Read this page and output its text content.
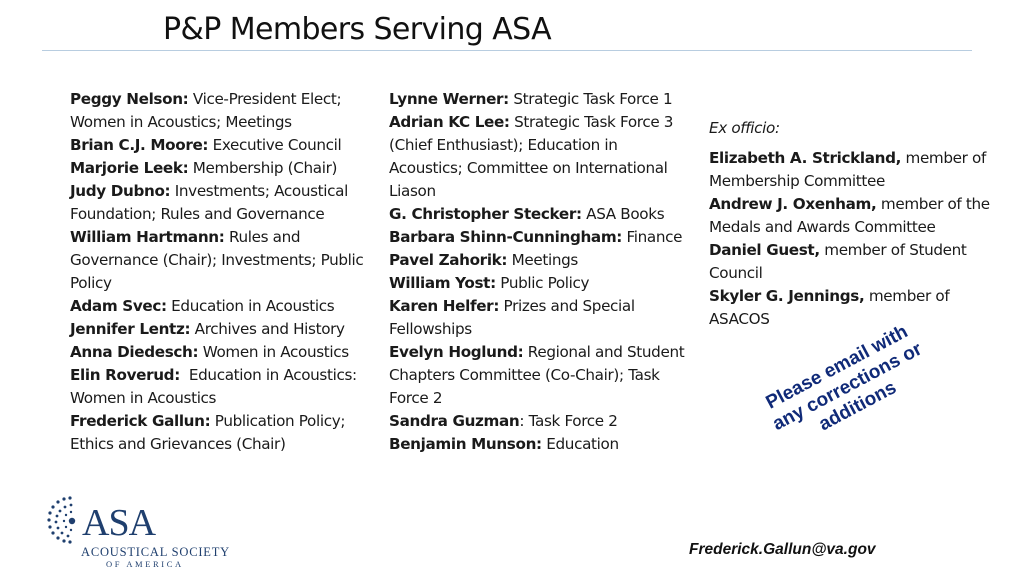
P&P Members Serving ASA

Peggy Nelson: Vice-President Elect; Women in Acoustics; Meetings

Brian C.J. Moore: Executive Council

Marjorie Leek: Membership (Chair)

Judy Dubno: Investments; Acoustical Foundation; Rules and Governance

William Hartmann: Rules and Governance (Chair); Investments; Public Policy

Adam Svec: Education in Acoustics

Jennifer Lentz: Archives and History

Anna Diedesch: Women in Acoustics

Elin Roverud:  Education in Acoustics: Women in Acoustics

Frederick Gallun: Publication Policy; Ethics and Grievances (Chair)

Lynne Werner: Strategic Task Force 1

Adrian KC Lee: Strategic Task Force 3 (Chief Enthusiast); Education in Acoustics; Committee on International Liason

G. Christopher Stecker: ASA Books

Barbara Shinn-Cunningham: Finance

Pavel Zahorik: Meetings

William Yost: Public Policy

Karen Helfer: Prizes and Special Fellowships

Evelyn Hoglund: Regional and Student Chapters Committee (Co-Chair); Task Force 2

Sandra Guzman: Task Force 2

Benjamin Munson: Education

Ex officio:

Elizabeth A. Strickland, member of Membership Committee

Andrew J. Oxenham, member of the Medals and Awards Committee

Daniel Guest, member of Student Council

Skyler G. Jennings, member of ASACOS

Please email with any corrections or additions
ASA
ACOUSTICAL SOCIETY
OF AMERICA
Frederick.Gallun@va.gov
